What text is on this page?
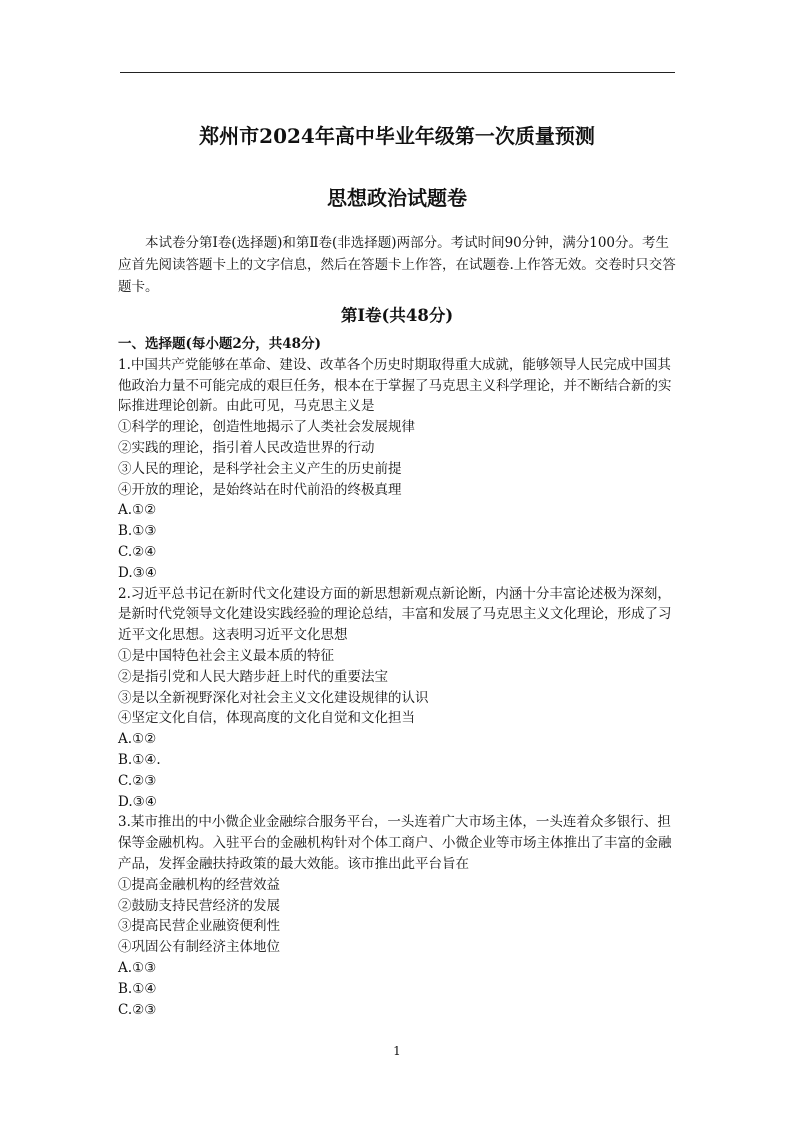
郑州市2024年高中毕业年级第一次质量预测
思想政治试题卷

本试卷分第Ⅰ卷(选择题)和第Ⅱ卷(非选择题)两部分。考试时间90分钟，满分100分。考生应首先阅读答题卡上的文字信息，然后在答题卡上作答，在试题卷.上作答无效。交卷时只交答题卡。

第Ⅰ卷(共48分)

一、选择题(每小题2分，共48分)

1.中国共产党能够在革命、建设、改革各个历史时期取得重大成就，能够领导人民完成中国其他政治力量不可能完成的艰巨任务，根本在于掌握了马克思主义科学理论，并不断结合新的实际推进理论创新。由此可见，马克思主义是

①科学的理论，创造性地揭示了人类社会发展规律

②实践的理论，指引着人民改造世界的行动

③人民的理论，是科学社会主义产生的历史前提

④开放的理论，是始终站在时代前沿的终极真理

A.①②

B.①③

C.②④

D.③④

2.习近平总书记在新时代文化建设方面的新思想新观点新论断，内涵十分丰富论述极为深刻，是新时代党领导文化建设实践经验的理论总结，丰富和发展了马克思主义文化理论，形成了习近平文化思想。这表明习近平文化思想

①是中国特色社会主义最本质的特征

②是指引党和人民大踏步赶上时代的重要法宝

③是以全新视野深化对社会主义文化建设规律的认识

④坚定文化自信，体现高度的文化自觉和文化担当

A.①②

B.①④.

C.②③

D.③④

3.某市推出的中小微企业金融综合服务平台，一头连着广大市场主体，一头连着众多银行、担保等金融机构。入驻平台的金融机构针对个体工商户、小微企业等市场主体推出了丰富的金融产品，发挥金融扶持政策的最大效能。该市推出此平台旨在

①提高金融机构的经营效益

②鼓励支持民营经济的发展

③提高民营企业融资便利性

④巩固公有制经济主体地位

A.①③

B.①④

C.②③

1
